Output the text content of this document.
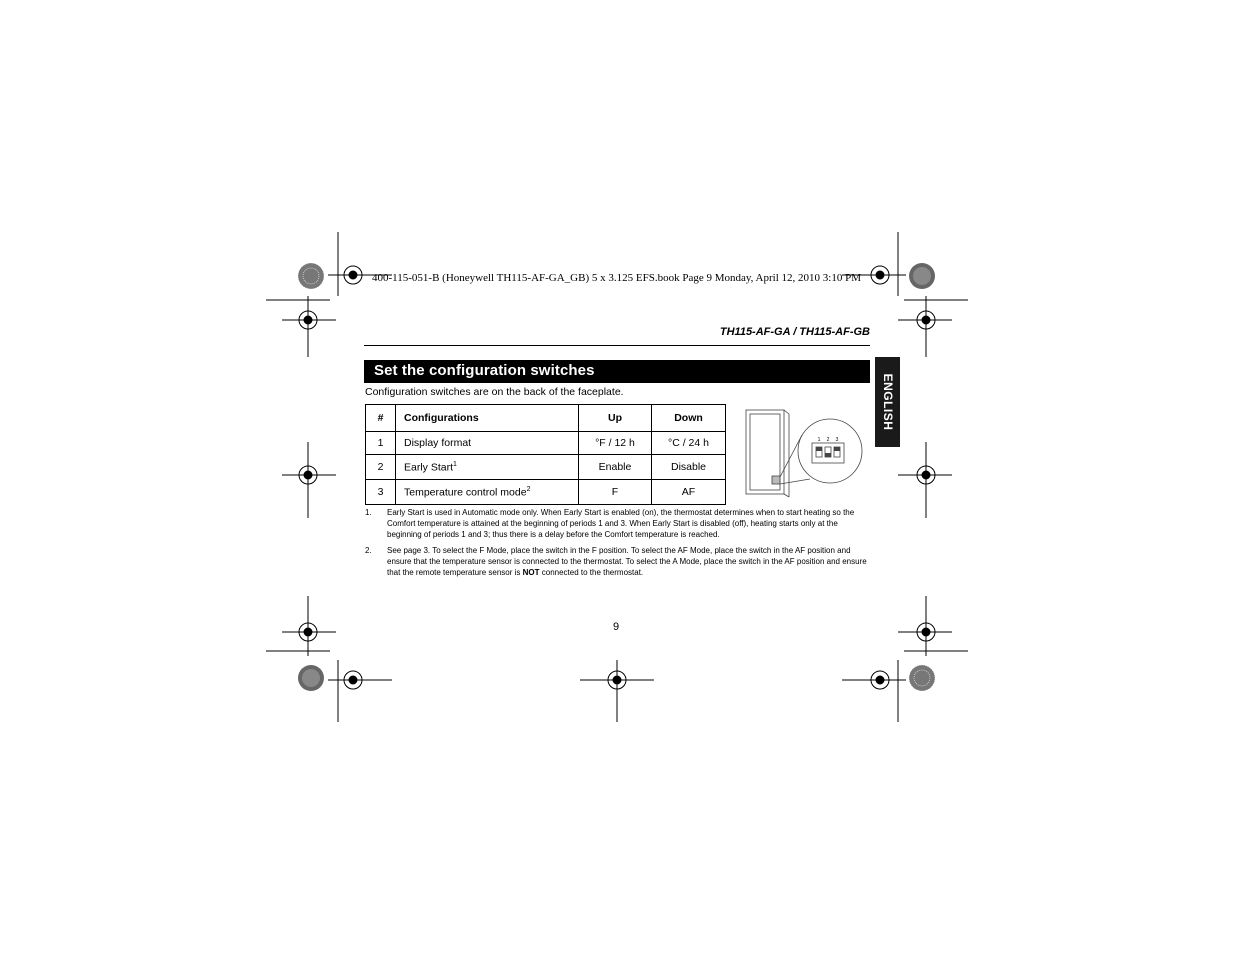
400-115-051-B (Honeywell TH115-AF-GA_GB) 5 x 3.125 EFS.book Page 9 Monday, April 12, 2010 3:10 PM
TH115-AF-GA / TH115-AF-GB
Set the configuration switches
ENGLISH
Configuration switches are on the back of the faceplate.
#	Configurations	Up	Down
1	Display format	°F / 12 h	°C / 24 h
2	Early Start$^1$	Enable	Disable
3	Temperature control mode$^2$	F	AF
1 2 3
1.	Early Start is used in Automatic mode only. When Early Start is enabled (on), the thermostat determines when to start heating so the Comfort temperature is attained at the beginning of periods 1 and 3. When Early Start is disabled (off), heating starts only at the beginning of periods 1 and 3; thus there is a delay before the Comfort temperature is reached.
2.	See page 3. To select the F Mode, place the switch in the F position. To select the AF Mode, place the switch in the AF position and ensure that the temperature sensor is connected to the thermostat. To select the A Mode, place the switch in the AF position and ensure that the remote temperature sensor is NOT connected to the thermostat.
9
